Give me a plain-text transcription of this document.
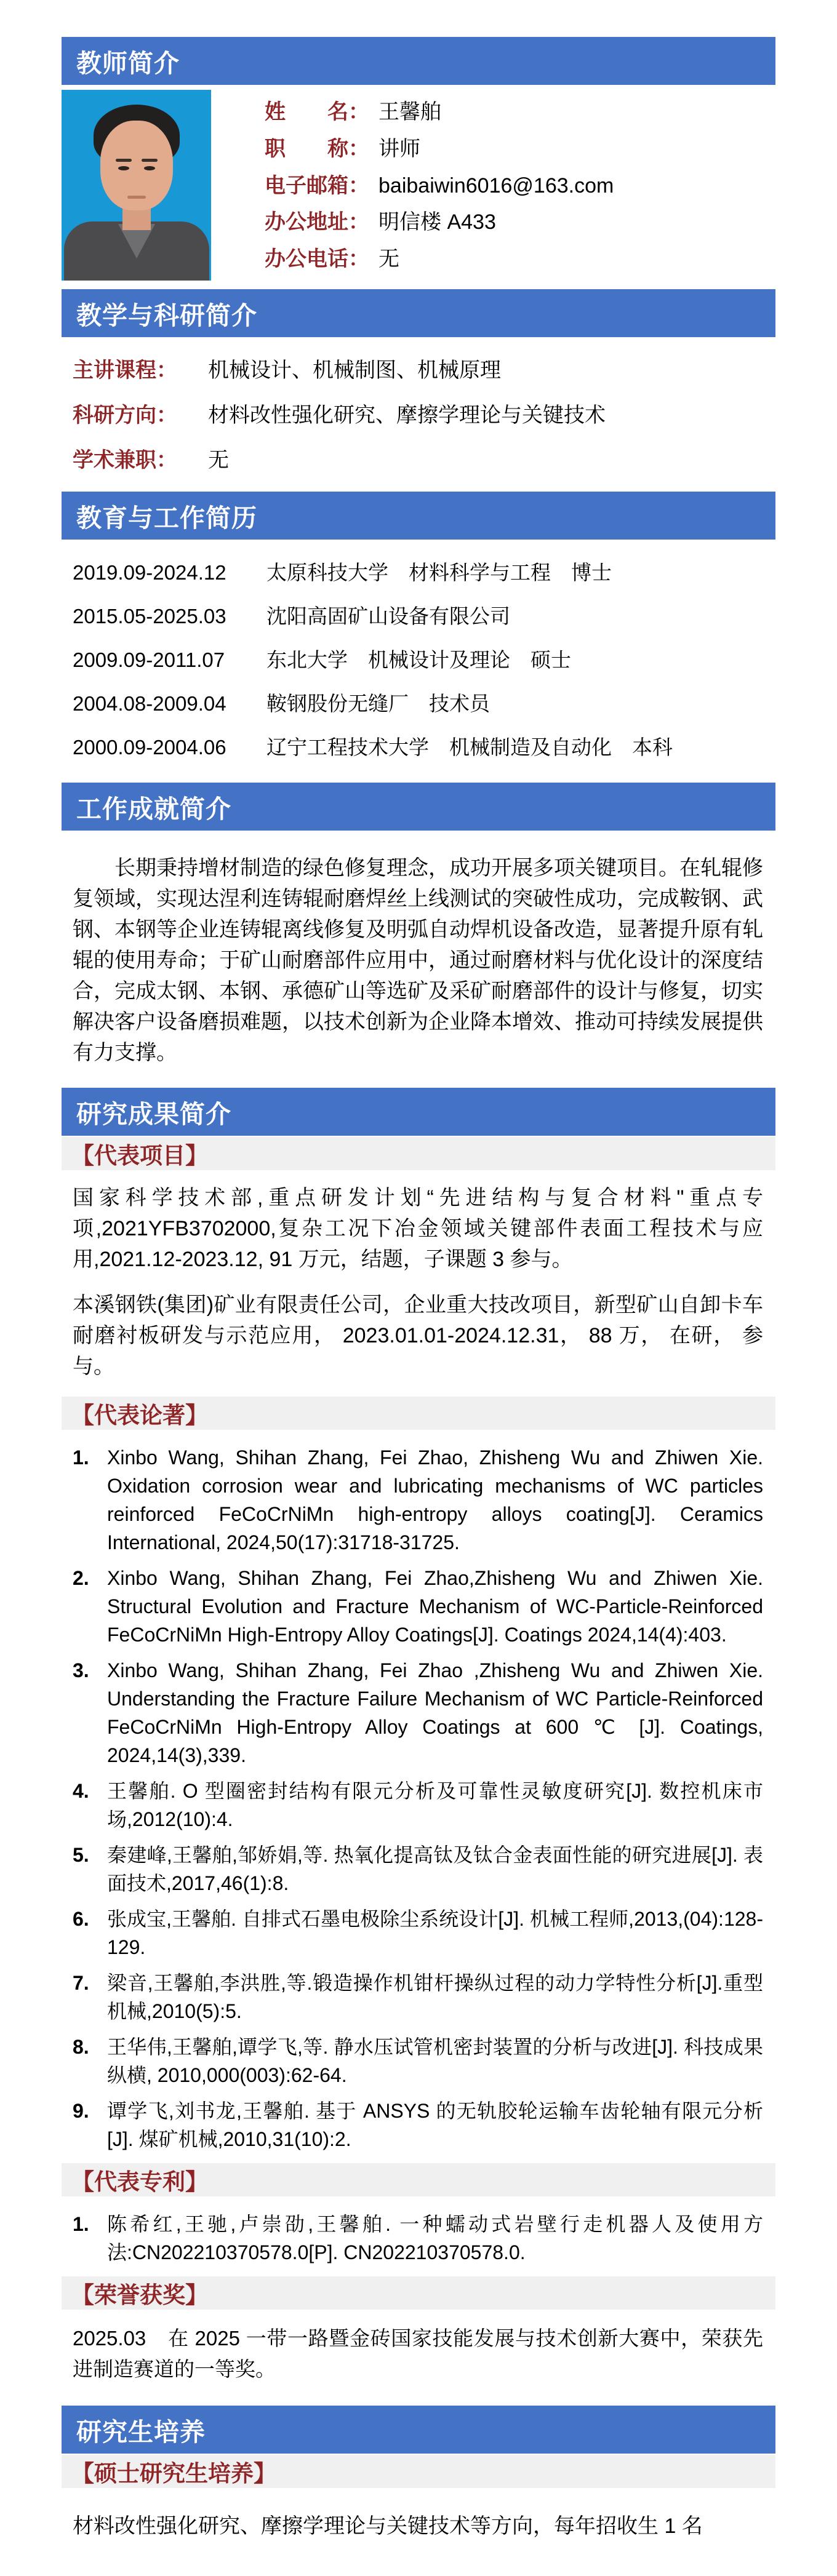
教师简介
姓　　名： 王馨舶
职　　称： 讲师
电子邮箱： baibaiwin6016@163.com
办公地址： 明信楼 A433
办公电话： 无
教学与科研简介
主讲课程：	机械设计、机械制图、机械原理
科研方向：	材料改性强化研究、摩擦学理论与关键技术
学术兼职：	无
教育与工作简历
2019.09-2024.12	太原科技大学　材料科学与工程　博士
2015.05-2025.03	沈阳高固矿山设备有限公司
2009.09-2011.07	东北大学　机械设计及理论　硕士
2004.08-2009.04	鞍钢股份无缝厂　技术员
2000.09-2004.06	辽宁工程技术大学　机械制造及自动化　本科
工作成就简介

长期秉持增材制造的绿色修复理念，成功开展多项关键项目。在轧辊修复领域，实现达涅利连铸辊耐磨焊丝上线测试的突破性成功，完成鞍钢、武钢、本钢等企业连铸辊离线修复及明弧自动焊机设备改造，显著提升原有轧辊的使用寿命；于矿山耐磨部件应用中，通过耐磨材料与优化设计的深度结合，完成太钢、本钢、承德矿山等选矿及采矿耐磨部件的设计与修复，切实解决客户设备磨损难题，以技术创新为企业降本增效、推动可持续发展提供有力支撑。

研究成果简介
【代表项目】

国家科学技术部,重点研发计划“先进结构与复合材料"重点专项,2021YFB3702000,复杂工况下冶金领域关键部件表面工程技术与应用,2021.12-2023.12, 91 万元，结题，子课题 3 参与。

本溪钢铁(集团)矿业有限责任公司，企业重大技改项目，新型矿山自卸卡车耐磨衬板研发与示范应用， 2023.01.01-2024.12.31， 88 万， 在研， 参与。

【代表论著】
1. Xinbo Wang, Shihan Zhang, Fei Zhao, Zhisheng Wu and Zhiwen Xie. Oxidation corrosion wear and lubricating mechanisms of WC particles reinforced FeCoCrNiMn high-entropy alloys coating[J]. Ceramics International, 2024,50(17):31718-31725.
2. Xinbo Wang, Shihan Zhang, Fei Zhao,Zhisheng Wu and Zhiwen Xie. Structural Evolution and Fracture Mechanism of WC-Particle-Reinforced FeCoCrNiMn High-Entropy Alloy Coatings[J]. Coatings 2024,14(4):403.
3. Xinbo Wang, Shihan Zhang, Fei Zhao ,Zhisheng Wu and Zhiwen Xie. Understanding the Fracture Failure Mechanism of WC Particle-Reinforced FeCoCrNiMn High-Entropy Alloy Coatings at 600 ℃ [J]. Coatings, 2024,14(3),339.
4. 王馨舶. O 型圈密封结构有限元分析及可靠性灵敏度研究[J]. 数控机床市场,2012(10):4.
5. 秦建峰,王馨舶,邹娇娟,等. 热氧化提高钛及钛合金表面性能的研究进展[J]. 表面技术,2017,46(1):8.
6. 张成宝,王馨舶. 自排式石墨电极除尘系统设计[J]. 机械工程师,2013,(04):128-129.
7. 梁音,王馨舶,李洪胜,等.锻造操作机钳杆操纵过程的动力学特性分析[J].重型机械,2010(5):5.
8. 王华伟,王馨舶,谭学飞,等. 静水压试管机密封装置的分析与改进[J]. 科技成果纵横, 2010,000(003):62-64.
9. 谭学飞,刘书龙,王馨舶. 基于 ANSYS 的无轨胶轮运输车齿轮轴有限元分析[J]. 煤矿机械,2010,31(10):2.
【代表专利】
1. 陈希红,王驰,卢崇劭,王馨舶. 一种蠕动式岩壁行走机器人及使用方法:CN202210370578.0[P]. CN202210370578.0.
【荣誉获奖】

2025.03 在 2025 一带一路暨金砖国家技能发展与技术创新大赛中，荣获先进制造赛道的一等奖。

研究生培养
【硕士研究生培养】

材料改性强化研究、摩擦学理论与关键技术等方向，每年招收生 1 名
